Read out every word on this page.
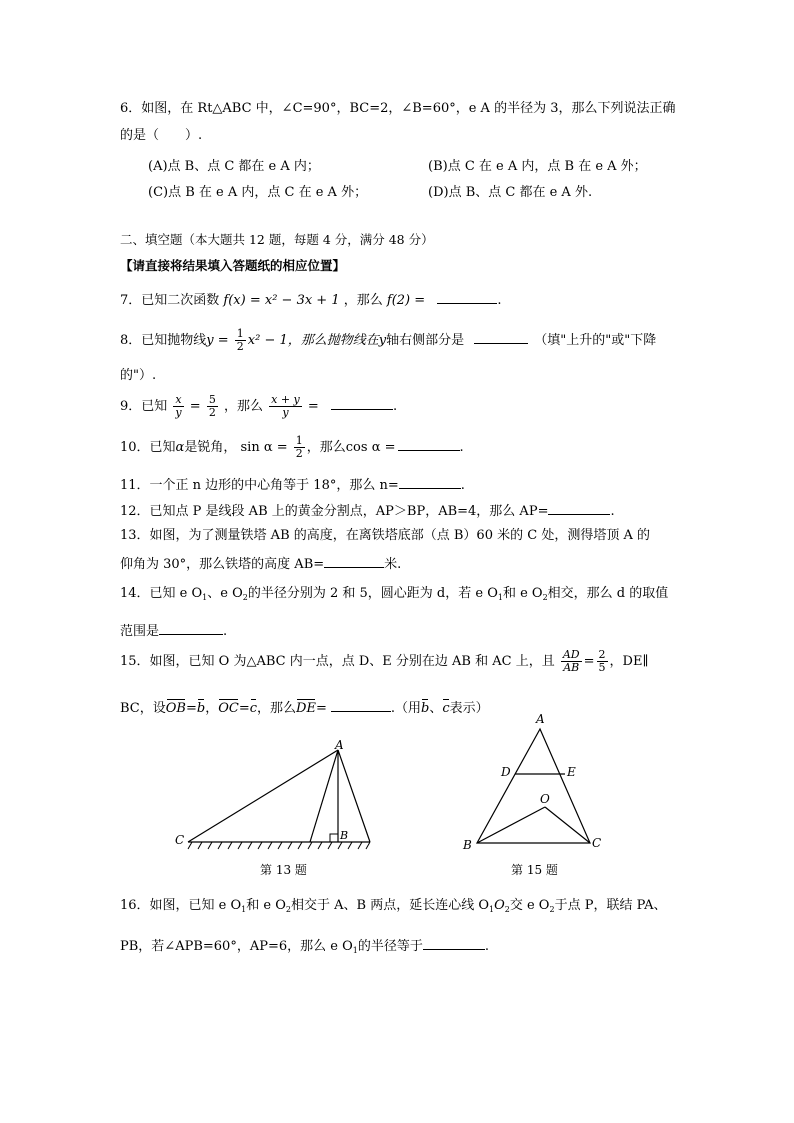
6．如图，在 Rt△ABC 中，∠C=90°，BC=2，∠B=60°，e A 的半径为 3，那么下列说法正确
的是（　　）.
(A)点 B、点 C 都在 e A 内；	(B)点 C 在 e A 内，点 B 在 e A 外；
(C)点 B 在 e A 内，点 C 在 e A 外；	(D)点 B、点 C 都在 e A 外.
二、填空题（本大题共 12 题，每题 4 分，满分 48 分）
【请直接将结果填入答题纸的相应位置】
7．已知二次函数 f(x) = x² − 3x + 1 ，那么 f(2) =	.
8．已知抛物线$y = \frac{1}{2} x^2 - 1$，那么抛物线在y轴右侧部分是	（填"上升的"或"下降
的"）.
9．已知 $\frac{x}{y} = \frac{5}{2}$ ，那么 $\frac{x + y}{y}$ =	.
10．已知α是锐角， $\sin \alpha = \frac{1}{2}$ ，那么cos α =	.
11．一个正 n 边形的中心角等于 18°，那么 n=	.
12．已知点 P 是线段 AB 上的黄金分割点，AP＞BP，AB=4，那么 AP=	.
13．如图，为了测量铁塔 AB 的高度，在离铁塔底部（点 B）60 米的 C 处，测得塔顶 A 的
仰角为 30°，那么铁塔的高度 AB=	米.
14．已知 e $O_1$、e $O_2$的半径分别为 2 和 5，圆心距为 d，若 e $O_1$和 e $O_2$相交，那么 d 的取值
范围是	.
15．如图，已知 O 为△ABC 内一点，点 D、E 分别在边 AB 和 AC 上，且 $\frac{AD}{AB} = \frac{2}{5}$ ，DE∥
BC，设OB=b，OC=c，那么DE=	.（用b、c表示）
A
B
C
第 13 题
A
D	E
O
B	C
第 15 题
16．如图，已知 e $O_1$和 e $O_2$相交于 A、B 两点，延长连心线 $O_1O_2$交 e $O_2$于点 P，联结 PA、
PB，若∠APB=60°，AP=6，那么 e $O_1$的半径等于	.
